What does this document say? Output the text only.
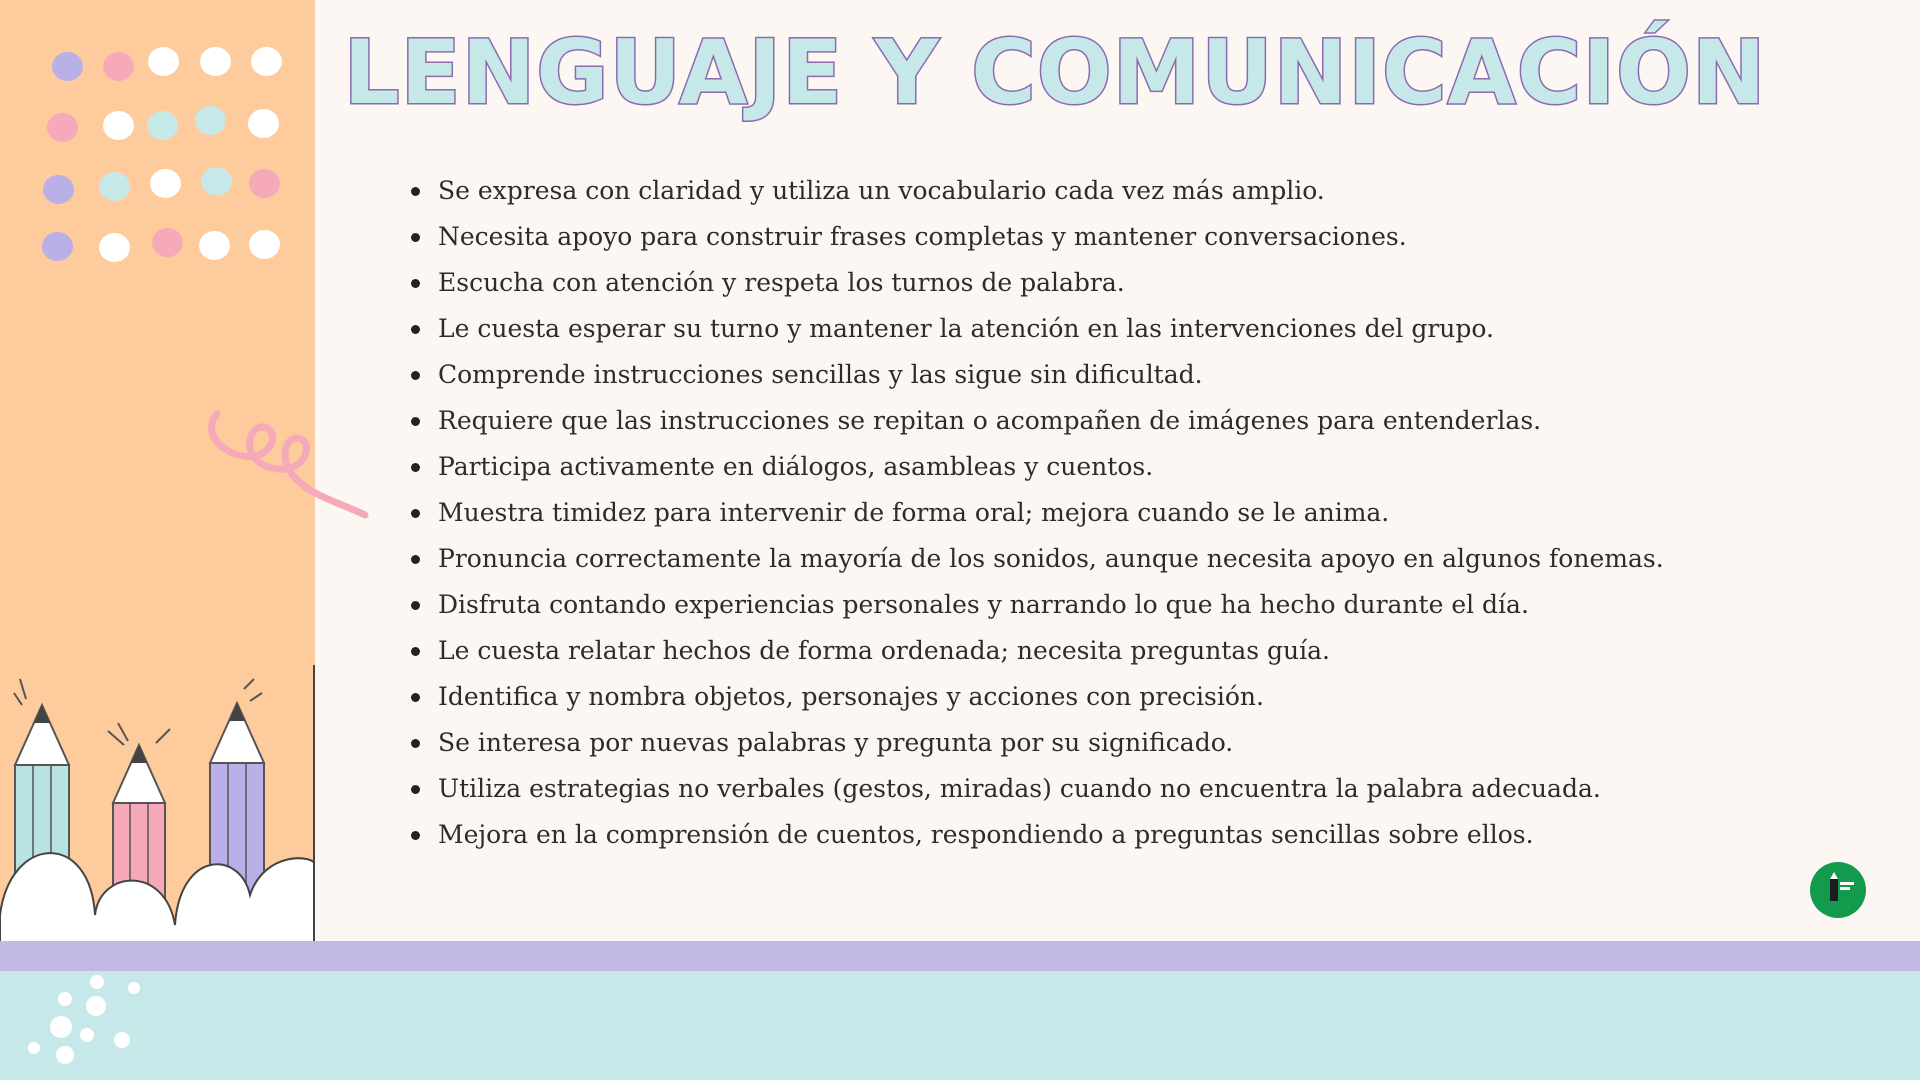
LENGUAJE Y COMUNICACIÓN
Se expresa con claridad y utiliza un vocabulario cada vez más amplio.
Necesita apoyo para construir frases completas y mantener conversaciones.
Escucha con atención y respeta los turnos de palabra.
Le cuesta esperar su turno y mantener la atención en las intervenciones del grupo.
Comprende instrucciones sencillas y las sigue sin dificultad.
Requiere que las instrucciones se repitan o acompañen de imágenes para entenderlas.
Participa activamente en diálogos, asambleas y cuentos.
Muestra timidez para intervenir de forma oral; mejora cuando se le anima.
Pronuncia correctamente la mayoría de los sonidos, aunque necesita apoyo en algunos fonemas.
Disfruta contando experiencias personales y narrando lo que ha hecho durante el día.
Le cuesta relatar hechos de forma ordenada; necesita preguntas guía.
Identifica y nombra objetos, personajes y acciones con precisión.
Se interesa por nuevas palabras y pregunta por su significado.
Utiliza estrategias no verbales (gestos, miradas) cuando no encuentra la palabra adecuada.
Mejora en la comprensión de cuentos, respondiendo a preguntas sencillas sobre ellos.
